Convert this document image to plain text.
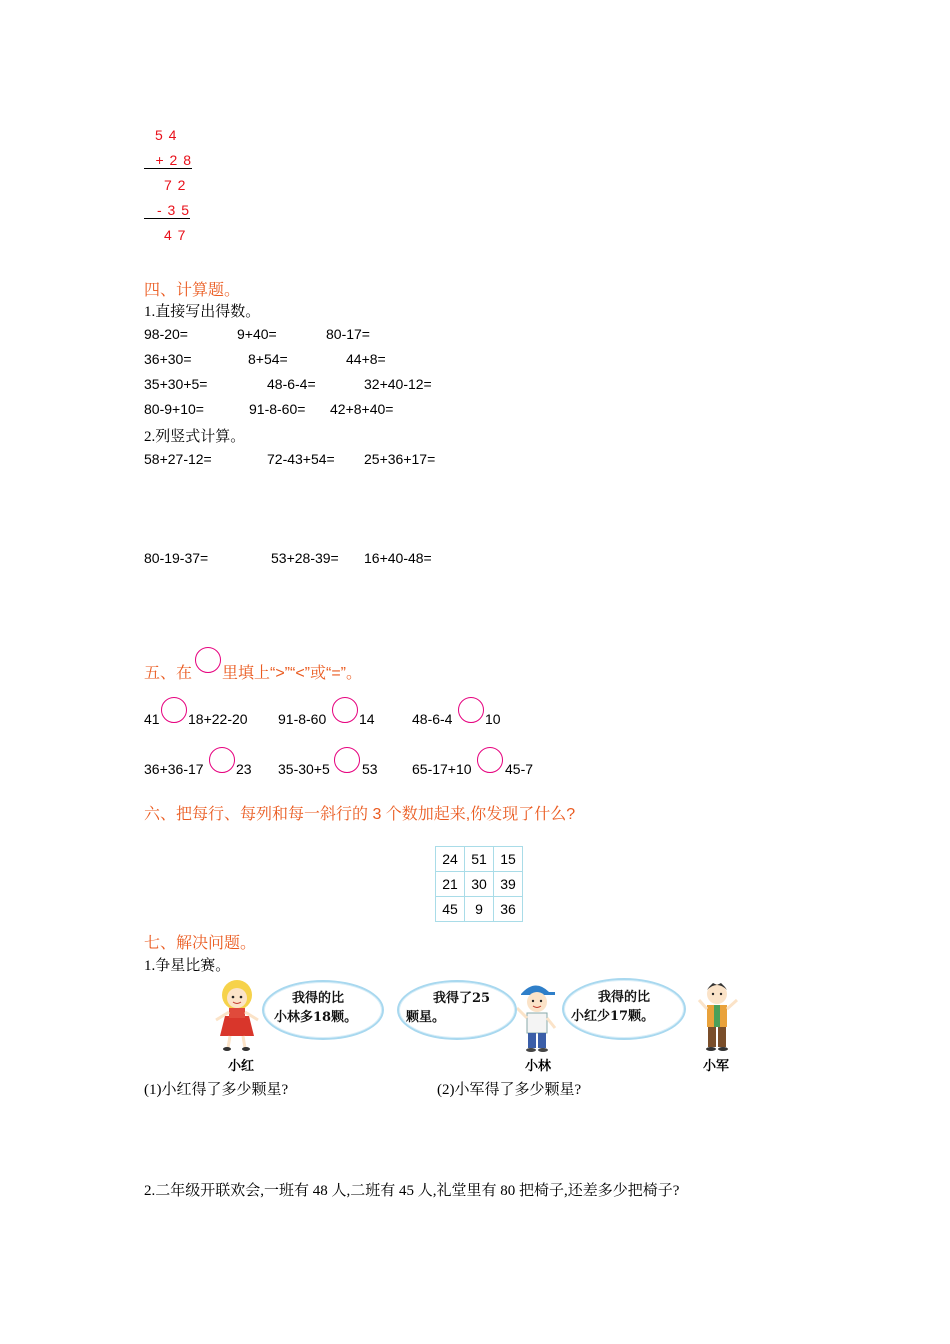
5 4
+ 2 8
7 2
- 3 5
4 7
四、计算题。
1.直接写出得数。
98-20=	9+40=	80-17=
36+30=	8+54=	44+8=
35+30+5=	48-6-4=	32+40-12=
80-9+10=	91-8-60= 42+8+40=
2.列竖式计算。
58+27-12=	72-43+54= 25+36+17=
80-19-37=	53+28-39= 16+40-48=
五、在 里填上“>”“<”或“=”。
41 18+22-20 91-8-60 14	48-6-4 10
36+36-17 23 35-30+5 53 65-17+10 45-7
六、把每行、每列和每一斜行的 3 个数加起来,你发现了什么?
24	51	15
21	30	39
45	9	36
七、解决问题。
1.争星比赛。
我得的比
小林多18颗。
我得了25
颗星。
我得的比
小红少17颗。
小红	小林	小军
(1)小红得了多少颗星?	(2)小军得了多少颗星?
2.二年级开联欢会,一班有 48 人,二班有 45 人,礼堂里有 80 把椅子,还差多少把椅子?
